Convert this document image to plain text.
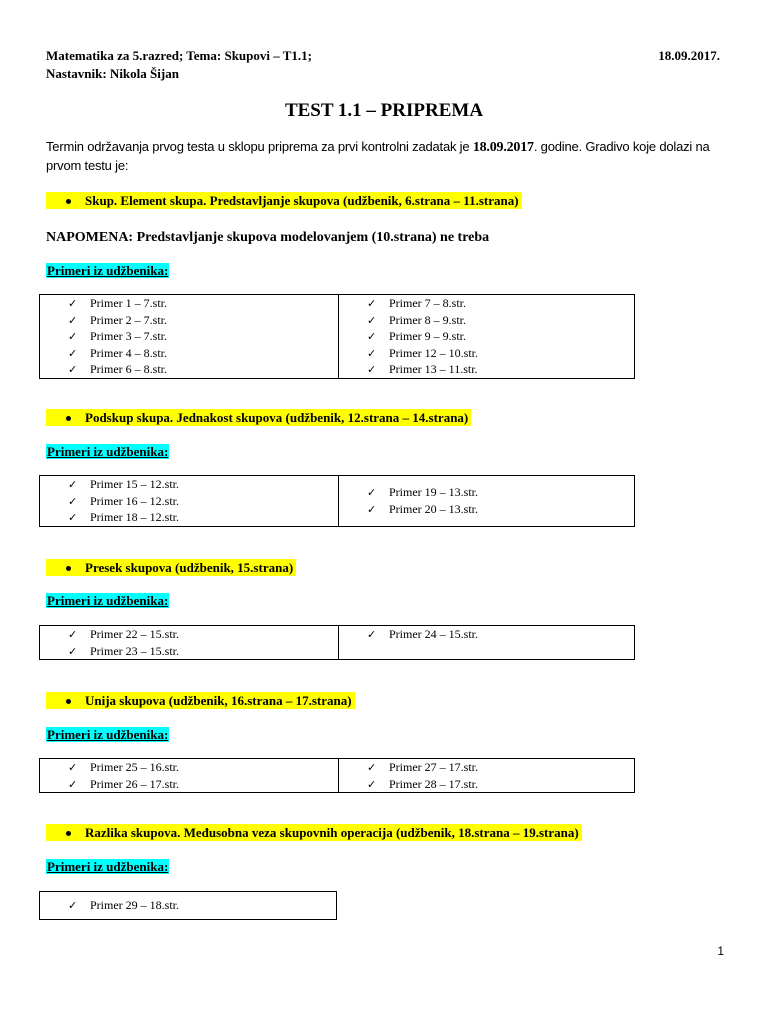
Matematika za 5.razred; Tema: Skupovi – T1.1;	18.09.2017.
Nastavnik: Nikola Šijan
TEST 1.1 – PRIPREMA
Termin održavanja prvog testa u sklopu priprema za prvi kontrolni zadatak je 18.09.2017. godine. Gradivo koje dolazi na prvom testu je:
Skup. Element skupa. Predstavljanje skupova (udžbenik, 6.strana – 11.strana)
NAPOMENA: Predstavljanje skupova modelovanjem (10.strana) ne treba
Primeri iz udžbenika:
✓ Primer 1 – 7.str.
✓ Primer 2 – 7.str.
✓ Primer 3 – 7.str.
✓ Primer 4 – 8.str.
✓ Primer 6 – 8.str.

✓ Primer 7 – 8.str.
✓ Primer 8 – 9.str.
✓ Primer 9 – 9.str.
✓ Primer 12 – 10.str.
✓ Primer 13 – 11.str.
Podskup skupa. Jednakost skupova (udžbenik, 12.strana – 14.strana)
Primeri iz udžbenika:
✓ Primer 15 – 12.str.
✓ Primer 16 – 12.str.
✓ Primer 18 – 12.str.

✓ Primer 19 – 13.str.
✓ Primer 20 – 13.str.
Presek skupova (udžbenik, 15.strana)
Primeri iz udžbenika:
✓ Primer 22 – 15.str.
✓ Primer 23 – 15.str.

✓ Primer 24 – 15.str.
Unija skupova (udžbenik, 16.strana – 17.strana)
Primeri iz udžbenika:
✓ Primer 25 – 16.str.
✓ Primer 26 – 17.str.

✓ Primer 27 – 17.str.
✓ Primer 28 – 17.str.
Razlika skupova. Međusobna veza skupovnih operacija (udžbenik, 18.strana – 19.strana)
Primeri iz udžbenika:
✓ Primer 29 – 18.str.
1
